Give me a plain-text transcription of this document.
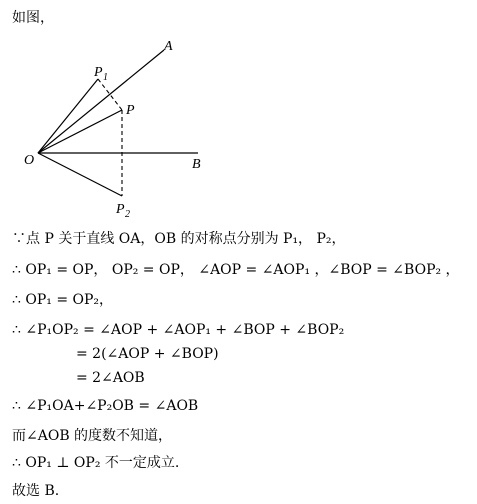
如图，
A
P 1
P
O	B
P 2
∵点 P 关于直线 OA，OB 的对称点分别为 P₁， P₂，
∴ OP₁ = OP， OP₂ = OP， ∠AOP = ∠AOP₁ ，∠BOP = ∠BOP₂ ，
∴ OP₁ = OP₂，
∴ ∠P₁OP₂ = ∠AOP + ∠AOP₁ + ∠BOP + ∠BOP₂
= 2(∠AOP + ∠BOP)
= 2∠AOB
∴ ∠P₁OA+∠P₂OB = ∠AOB
而∠AOB 的度数不知道，
∴ OP₁ ⊥ OP₂ 不一定成立.
故选 B.
